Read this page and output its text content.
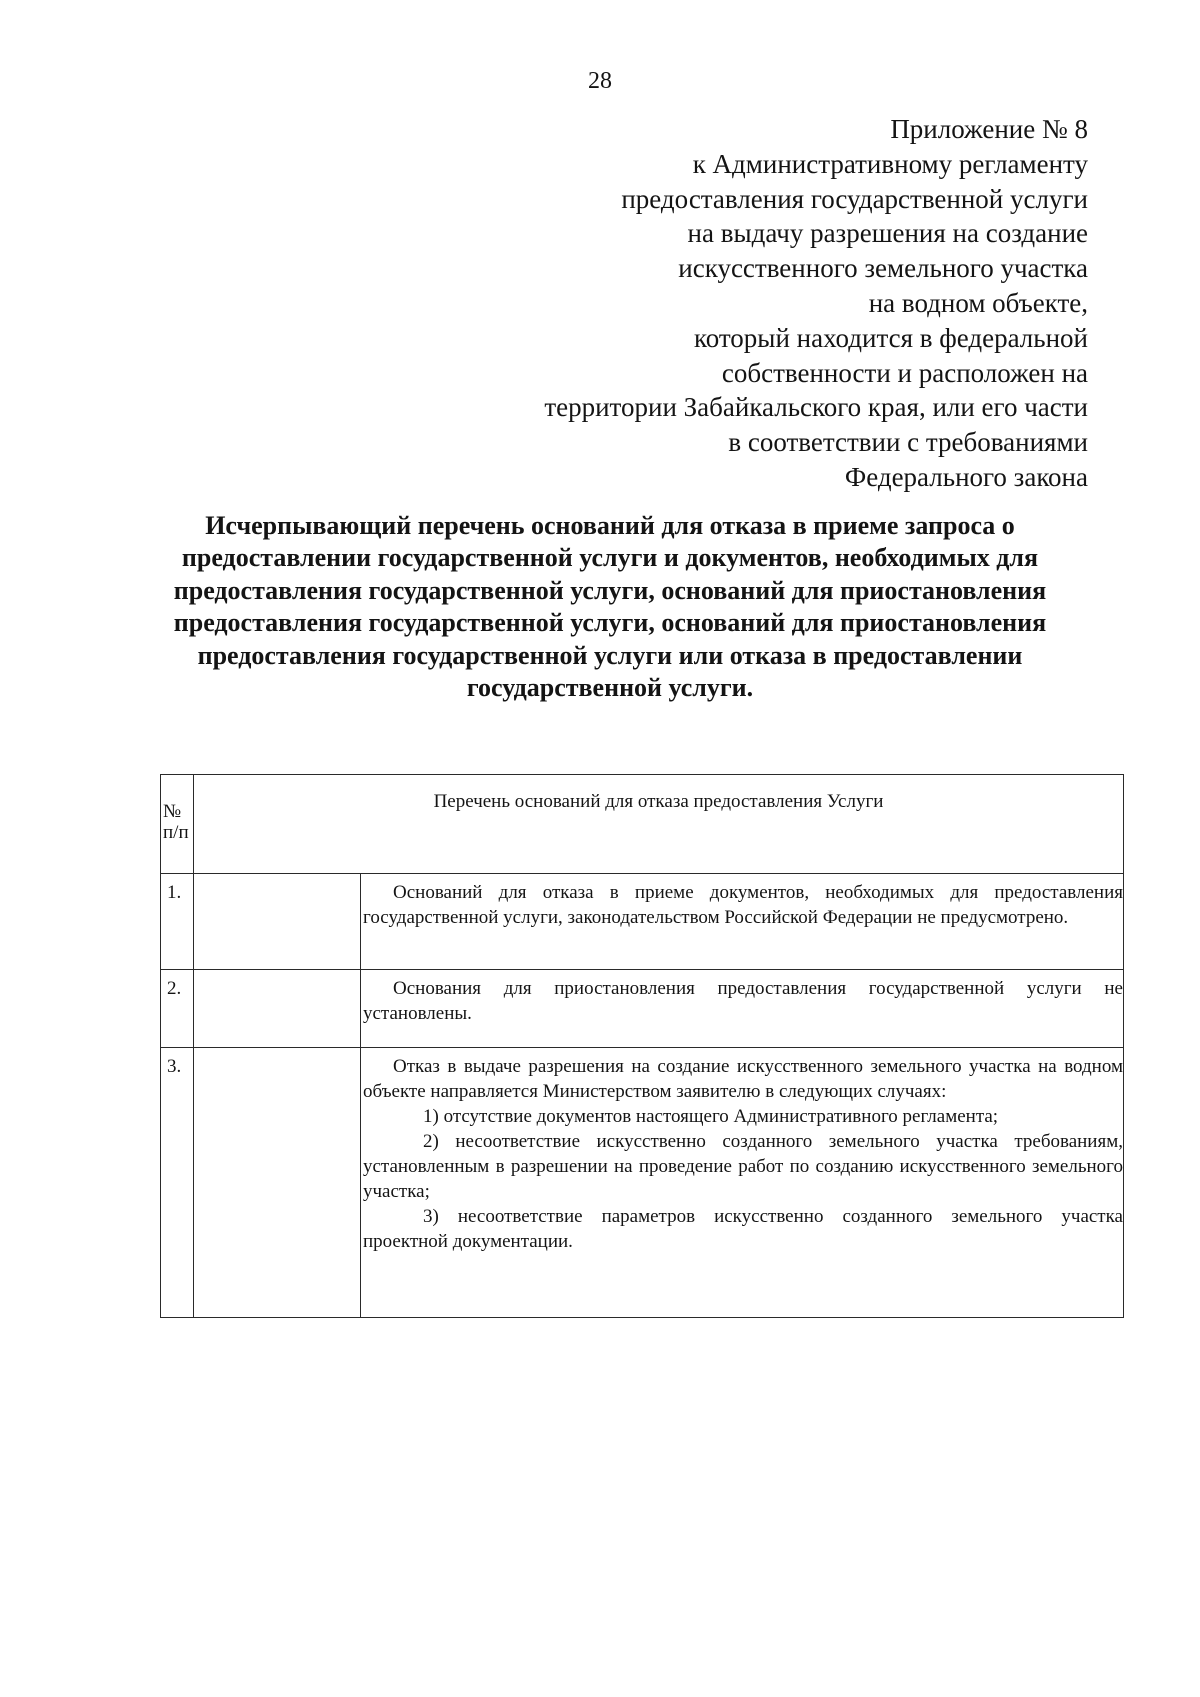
28
Приложение № 8
к Административному регламенту
предоставления государственной услуги
на выдачу разрешения на создание
искусственного земельного участка
на водном объекте,
который находится в федеральной
собственности и расположен на
территории Забайкальского края, или его части
в соответствии с требованиями
Федерального закона
Исчерпывающий перечень оснований для отказа в приеме запроса о
предоставлении государственной услуги и документов, необходимых для
предоставления государственной услуги, оснований для приостановления
предоставления государственной услуги, оснований для приостановления
предоставления государственной услуги или отказа в предоставлении
государственной услуги.
№ п/п	Перечень оснований для отказа предоставления Услуги	
1.		Оснований для отказа в приеме документов, необходимых для предоставления государственной услуги, законодательством Российской Федерации не предусмотрено.
2.		Основания для приостановления предоставления государственной услуги не установлены.
3.		Отказ в выдаче разрешения на создание искусственного земельного участка на водном объекте направляется Министерством заявителю в следующих случаях:

1) отсутствие документов настоящего Административного регламента;

2) несоответствие искусственно созданного земельного участка требованиям, установленным в разрешении на проведение работ по созданию искусственного земельного участка;

3) несоответствие параметров искусственно созданного земельного участка проектной документации.
